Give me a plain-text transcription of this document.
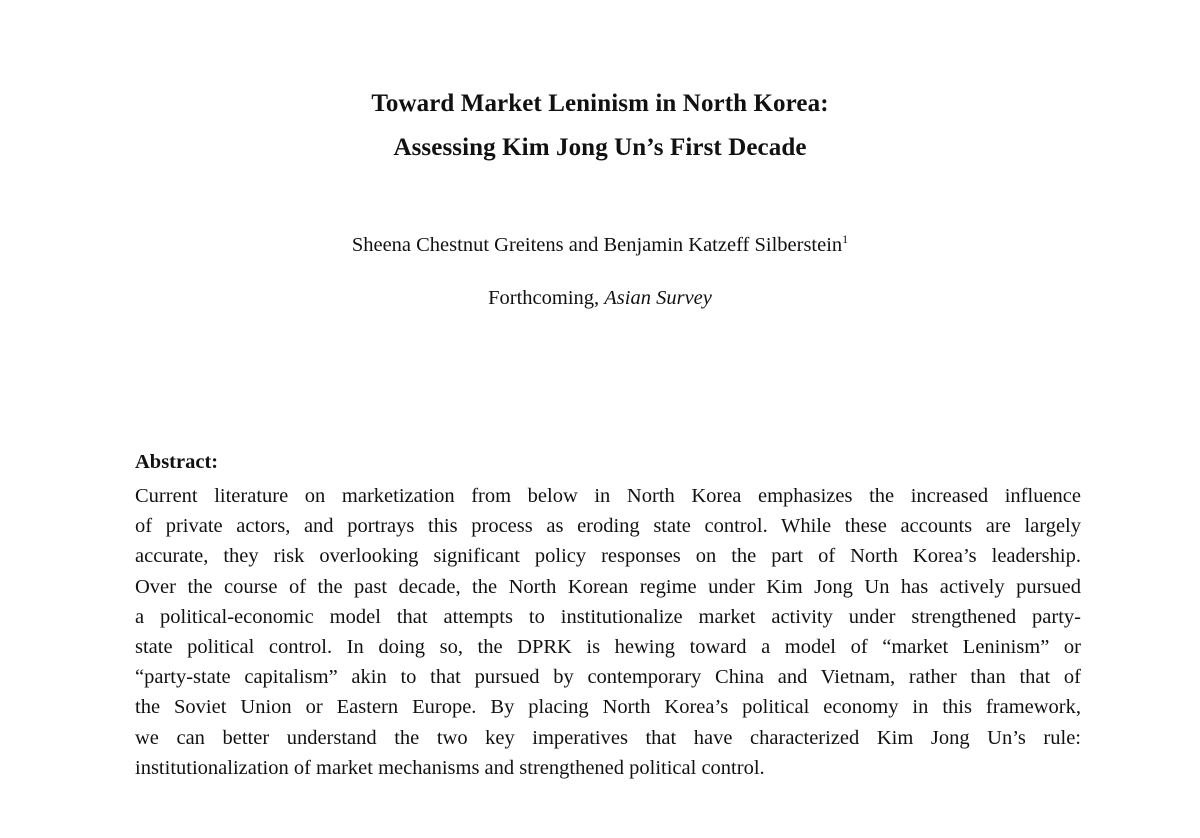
Toward Market Leninism in North Korea:
Assessing Kim Jong Un’s First Decade
Sheena Chestnut Greitens and Benjamin Katzeff Silberstein$^1$
Forthcoming, Asian Survey
Abstract:
Current literature on marketization from below in North Korea emphasizes the increased influence
of private actors, and portrays this process as eroding state control. While these accounts are largely
accurate, they risk overlooking significant policy responses on the part of North Korea’s leadership.
Over the course of the past decade, the North Korean regime under Kim Jong Un has actively pursued
a political-economic model that attempts to institutionalize market activity under strengthened party-
state political control. In doing so, the DPRK is hewing toward a model of “market Leninism” or
“party-state capitalism” akin to that pursued by contemporary China and Vietnam, rather than that of
the Soviet Union or Eastern Europe. By placing North Korea’s political economy in this framework,
we can better understand the two key imperatives that have characterized Kim Jong Un’s rule:
institutionalization of market mechanisms and strengthened political control.
